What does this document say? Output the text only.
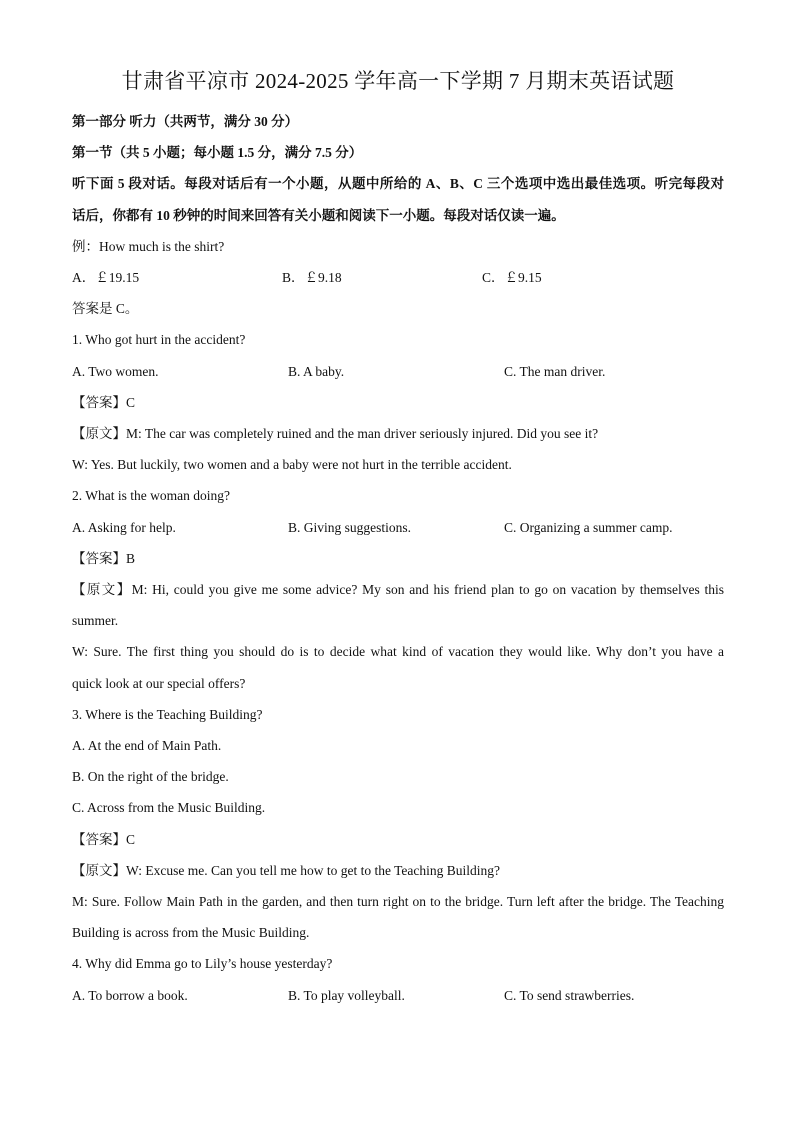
甘肃省平凉市 2024-2025 学年高一下学期 7 月期末英语试题
第一部分 听力（共两节，满分 30 分）
第一节（共 5 小题；每小题 1.5 分，满分 7.5 分）
听下面 5 段对话。每段对话后有一个小题，从题中所给的 A、B、C 三个选项中选出最佳选项。听完每段对
话后，你都有 10 秒钟的时间来回答有关小题和阅读下一小题。每段对话仅读一遍。
例：How much is the shirt?
A．￡19.15	B．￡9.18	C．￡9.15
答案是 C。
1. Who got hurt in the accident?
A. Two women.	B. A baby.	C. The man driver.
【答案】C
【原文】M: The car was completely ruined and the man driver seriously injured. Did you see it?
W: Yes. But luckily, two women and a baby were not hurt in the terrible accident.
2. What is the woman doing?
A. Asking for help.	B. Giving suggestions.	C. Organizing a summer camp.
【答案】B
【原文】M: Hi, could you give me some advice? My son and his friend plan to go on vacation by themselves this
summer.
W: Sure. The first thing you should do is to decide what kind of vacation they would like. Why don’t you have a
quick look at our special offers?
3. Where is the Teaching Building?
A. At the end of Main Path.
B. On the right of the bridge.
C. Across from the Music Building.
【答案】C
【原文】W: Excuse me. Can you tell me how to get to the Teaching Building?
M: Sure. Follow Main Path in the garden, and then turn right on to the bridge. Turn left after the bridge. The Teaching
Building is across from the Music Building.
4. Why did Emma go to Lily’s house yesterday?
A. To borrow a book.	B. To play volleyball.	C. To send strawberries.
